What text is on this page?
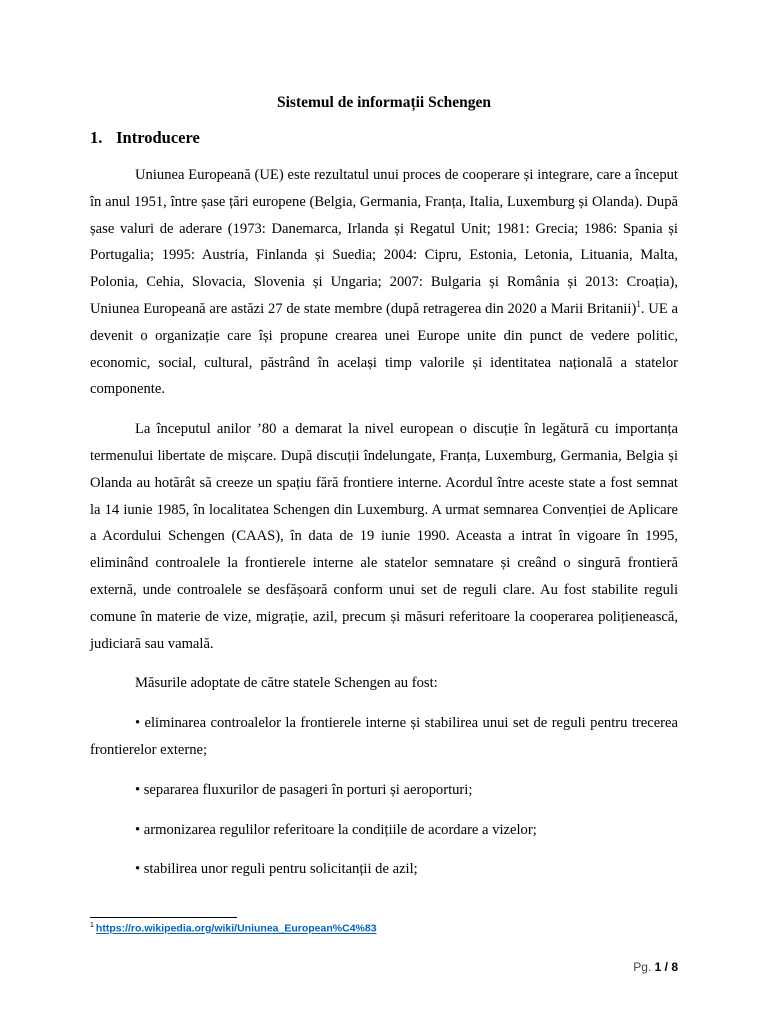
Sistemul de informații Schengen
1. Introducere

Uniunea Europeană (UE) este rezultatul unui proces de cooperare și integrare, care a început în anul 1951, între șase țări europene (Belgia, Germania, Franța, Italia, Luxemburg și Olanda). După șase valuri de aderare (1973: Danemarca, Irlanda și Regatul Unit; 1981: Grecia; 1986: Spania și Portugalia; 1995: Austria, Finlanda și Suedia; 2004: Cipru, Estonia, Letonia, Lituania, Malta, Polonia, Cehia, Slovacia, Slovenia și Ungaria; 2007: Bulgaria și România și 2013: Croația), Uniunea Europeană are astăzi 27 de state membre (după retragerea din 2020 a Marii Britanii)$^1$. UE a devenit o organizație care își propune crearea unei Europe unite din punct de vedere politic, economic, social, cultural, păstrând în același timp valorile și identitatea națională a statelor componente.

La începutul anilor ’80 a demarat la nivel european o discuție în legătură cu importanța termenului libertate de mișcare. După discuții îndelungate, Franța, Luxemburg, Germania, Belgia și Olanda au hotărât să creeze un spațiu fără frontiere interne. Acordul între aceste state a fost semnat la 14 iunie 1985, în localitatea Schengen din Luxemburg. A urmat semnarea Convenției de Aplicare a Acordului Schengen (CAAS), în data de 19 iunie 1990. Aceasta a intrat în vigoare în 1995, eliminând controalele la frontierele interne ale statelor semnatare și creând o singură frontieră externă, unde controalele se desfășoară conform unui set de reguli clare. Au fost stabilite reguli comune în materie de vize, migrație, azil, precum și măsuri referitoare la cooperarea polițienească, judiciară sau vamală.

Măsurile adoptate de către statele Schengen au fost:

• eliminarea controalelor la frontierele interne și stabilirea unui set de reguli pentru trecerea frontierelor externe;

• separarea fluxurilor de pasageri în porturi și aeroporturi;

• armonizarea regulilor referitoare la condițiile de acordare a vizelor;

• stabilirea unor reguli pentru solicitanții de azil;

$^1$ https://ro.wikipedia.org/wiki/Uniunea_European%C4%83
Pg. 1 / 8
